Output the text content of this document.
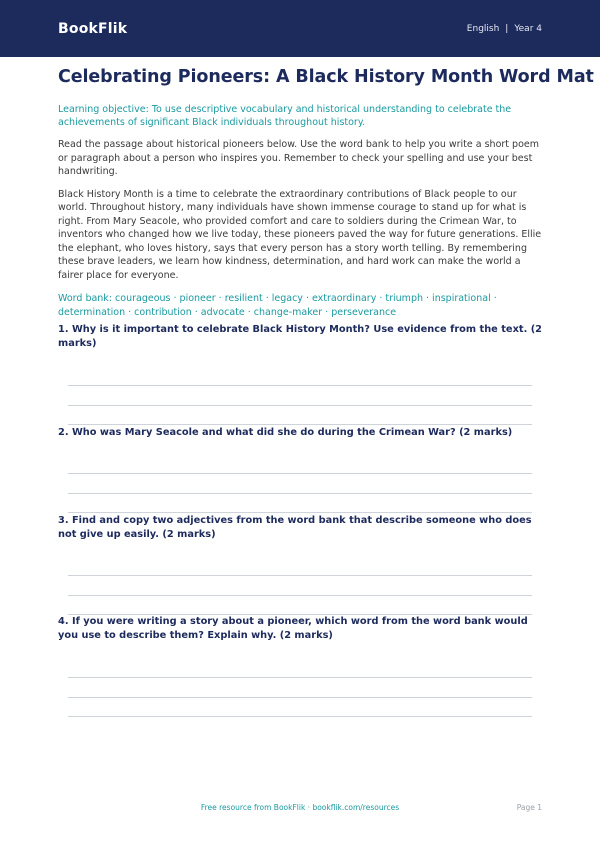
BookFlik	English | Year 4
Celebrating Pioneers: A Black History Month Word Mat

Learning objective: To use descriptive vocabulary and historical understanding to celebrate the achievements of significant Black individuals throughout history.

Read the passage about historical pioneers below. Use the word bank to help you write a short poem or paragraph about a person who inspires you. Remember to check your spelling and use your best handwriting.

Black History Month is a time to celebrate the extraordinary contributions of Black people to our world. Throughout history, many individuals have shown immense courage to stand up for what is right. From Mary Seacole, who provided comfort and care to soldiers during the Crimean War, to inventors who changed how we live today, these pioneers paved the way for future generations. Ellie the elephant, who loves history, says that every person has a story worth telling. By remembering these brave leaders, we learn how kindness, determination, and hard work can make the world a fairer place for everyone.

Word bank: courageous · pioneer · resilient · legacy · extraordinary · triumph · inspirational · determination · contribution · advocate · change-maker · perseverance

1. Why is it important to celebrate Black History Month? Use evidence from the text. (2 marks)
2. Who was Mary Seacole and what did she do during the Crimean War? (2 marks)
3. Find and copy two adjectives from the word bank that describe someone who does not give up easily. (2 marks)
4. If you were writing a story about a pioneer, which word from the word bank would you use to describe them? Explain why. (2 marks)
Free resource from BookFlik · bookflik.com/resources	Page 1
